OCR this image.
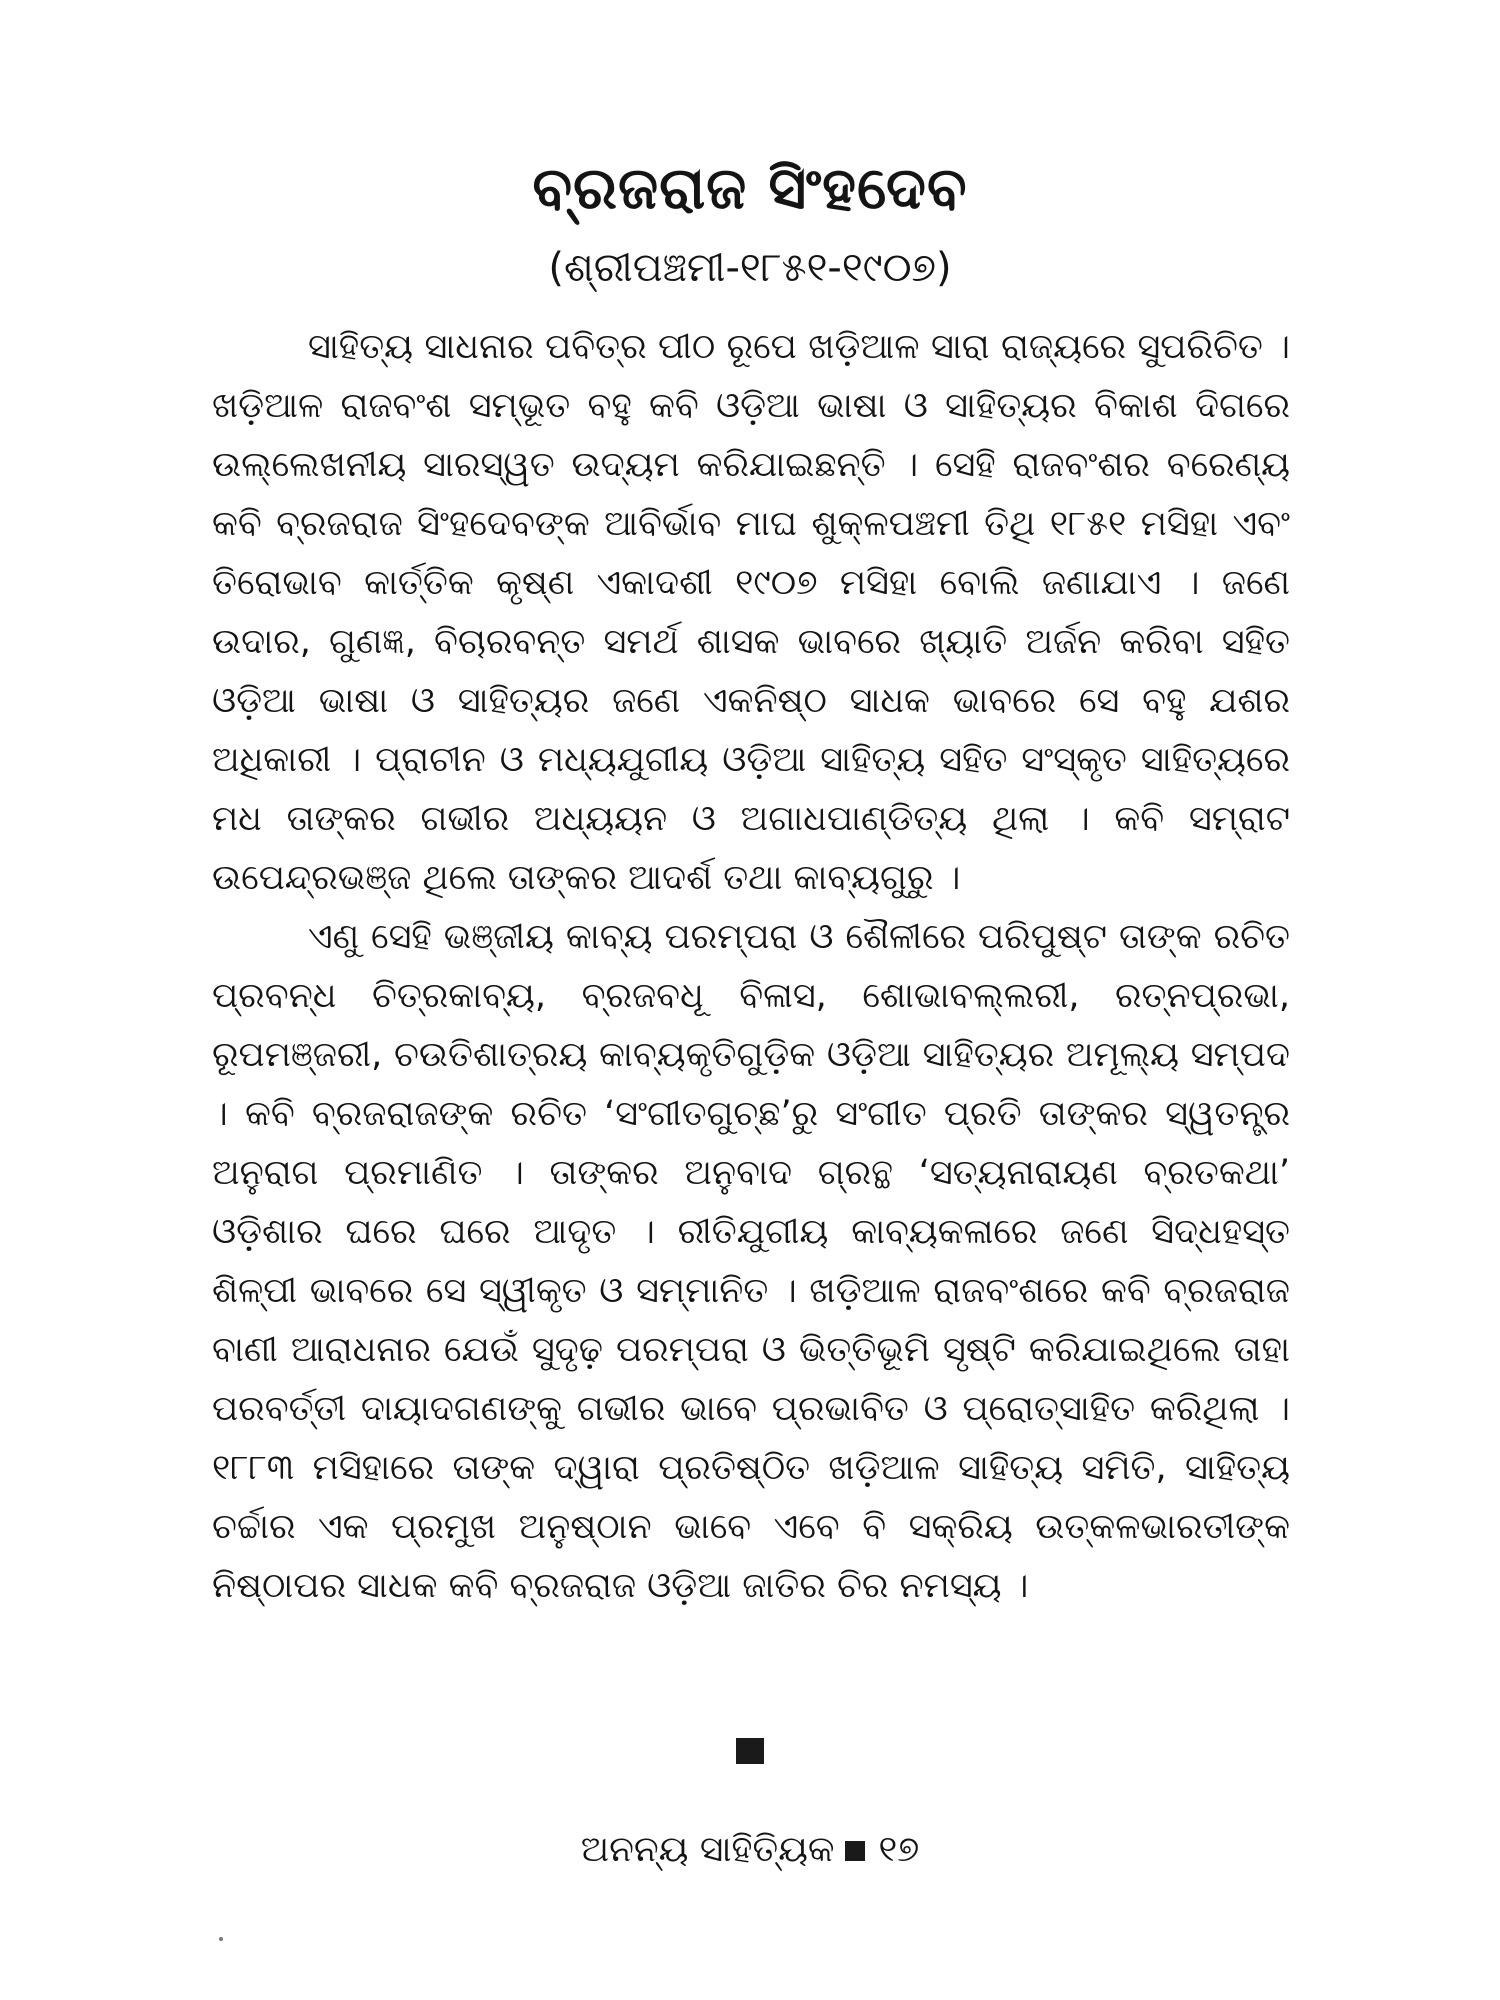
ବ୍ରଜରାଜ ସିଂହଦେବ
(ଶ୍ରୀପଞ୍ଚମୀ-୧୮୫୧-୧୯୦୭)

ସାହିତ୍ୟ ସାଧନାର ପବିତ୍ର ପୀଠ ରୂପେ ଖଡ଼ିଆଳ ସାରା ରାଜ୍ୟରେ ସୁପରିଚିତ । ଖଡ଼ିଆଳ ରାଜବଂଶ ସମ୍ଭୂତ ବହୁ କବି ଓଡ଼ିଆ ଭାଷା ଓ ସାହିତ୍ୟର ବିକାଶ ଦିଗରେ ଉଲ୍ଲେଖନୀୟ ସାରସ୍ୱତ ଉଦ୍ୟମ କରିଯାଇଛନ୍ତି । ସେହି ରାଜବଂଶର ବରେଣ୍ୟ କବି ବ୍ରଜରାଜ ସିଂହଦେବଙ୍କ ଆବିର୍ଭାବ ମାଘ ଶୁକ୍ଳପଞ୍ଚମୀ ତିଥି ୧୮୫୧ ମସିହା ଏବଂ ତିରୋଭାବ କାର୍ତ୍ତିକ କୃଷ୍ଣ ଏକାଦଶୀ ୧୯୦୭ ମସିହା ବୋଲି ଜଣାଯାଏ । ଜଣେ ଉଦାର, ଗୁଣଜ୍ଞ, ବିଚାରବନ୍ତ ସମର୍ଥ ଶାସକ ଭାବରେ ଖ୍ୟାତି ଅର୍ଜନ କରିବା ସହିତ ଓଡ଼ିଆ ଭାଷା ଓ ସାହିତ୍ୟର ଜଣେ ଏକନିଷ୍ଠ ସାଧକ ଭାବରେ ସେ ବହୁ ଯଶର ଅଧିକାରୀ । ପ୍ରାଚୀନ ଓ ମଧ୍ୟଯୁଗୀୟ ଓଡ଼ିଆ ସାହିତ୍ୟ ସହିତ ସଂସ୍କୃତ ସାହିତ୍ୟରେ ମଧ ତାଙ୍କର ଗଭୀର ଅଧ୍ୟୟନ ଓ ଅଗାଧପାଣ୍ଡିତ୍ୟ ଥିଲା । କବି ସମ୍ରାଟ ଉପେନ୍ଦ୍ରଭଞ୍ଜ ଥିଲେ ତାଙ୍କର ଆଦର୍ଶ ତଥା କାବ୍ୟଗୁରୁ ।

ଏଣୁ ସେହି ଭଞ୍ଜୀୟ କାବ୍ୟ ପରମ୍ପରା ଓ ଶୈଳୀରେ ପରିପୁଷ୍ଟ ତାଙ୍କ ରଚିତ ପ୍ରବନ୍ଧ ଚିତ୍ରକାବ୍ୟ, ବ୍ରଜବଧୂ ବିଳାସ, ଶୋଭାବଲ୍ଲରୀ, ରତ୍ନପ୍ରଭା, ରୂପମଞ୍ଜରୀ, ଚଉତିଶାତ୍ରୟ କାବ୍ୟକୃତିଗୁଡ଼ିକ ଓଡ଼ିଆ ସାହିତ୍ୟର ଅମୂଲ୍ୟ ସମ୍ପଦ । କବି ବ୍ରଜରାଜଙ୍କ ରଚିତ ‘ସଂଗୀତଗୁଚ୍ଛ’ରୁ ସଂଗୀତ ପ୍ରତି ତାଙ୍କର ସ୍ୱତନ୍ତ୍ର ଅନୁରାଗ ପ୍ରମାଣିତ । ତାଙ୍କର ଅନୁବାଦ ଗ୍ରନ୍ଥ ‘ସତ୍ୟନାରାୟଣ ବ୍ରତକଥା’ ଓଡ଼ିଶାର ଘରେ ଘରେ ଆଦୃତ । ରୀତିଯୁଗୀୟ କାବ୍ୟକଳାରେ ଜଣେ ସିଦ୍ଧହସ୍ତ ଶିଳ୍ପୀ ଭାବରେ ସେ ସ୍ୱୀକୃତ ଓ ସମ୍ମାନିତ । ଖଡ଼ିଆଳ ରାଜବଂଶରେ କବି ବ୍ରଜରାଜ ବାଣୀ ଆରାଧନାର ଯେଉଁ ସୁଦୃଢ଼ ପରମ୍ପରା ଓ ଭିତ୍ତିଭୂମି ସୃଷ୍ଟି କରିଯାଇଥିଲେ ତାହା ପରବର୍ତ୍ତୀ ଦାୟାଦଗଣଙ୍କୁ ଗଭୀର ଭାବେ ପ୍ରଭାବିତ ଓ ପ୍ରୋତ୍ସାହିତ କରିଥିଲା । ୧୮୮୩ ମସିହାରେ ତାଙ୍କ ଦ୍ୱାରା ପ୍ରତିଷ୍ଠିତ ଖଡ଼ିଆଳ ସାହିତ୍ୟ ସମିତି, ସାହିତ୍ୟ ଚର୍ଚ୍ଚାର ଏକ ପ୍ରମୁଖ ଅନୁଷ୍ଠାନ ଭାବେ ଏବେ ବି ସକ୍ରିୟ ଉତ୍କଳଭାରତୀଙ୍କ ନିଷ୍ଠାପର ସାଧକ କବି ବ୍ରଜରାଜ ଓଡ଼ିଆ ଜାତିର ଚିର ନମସ୍ୟ ।

ଅନନ୍ୟ ସାହିତ୍ୟିକ ୧୭
